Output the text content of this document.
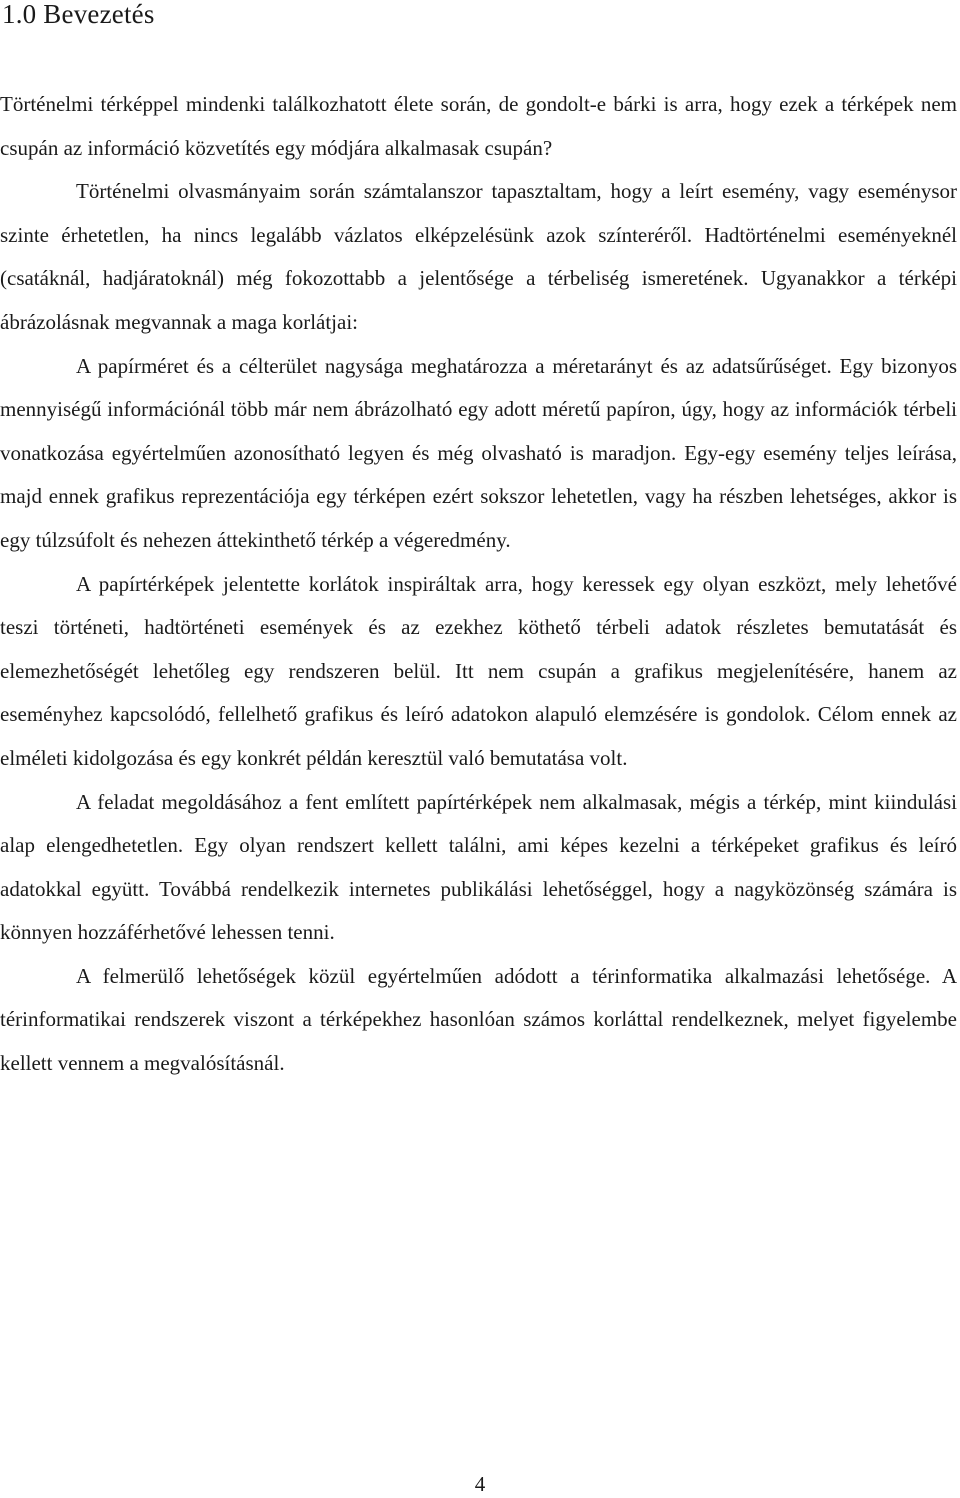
1.0 Bevezetés

Történelmi térképpel mindenki találkozhatott élete során, de gondolt-e bárki is arra, hogy ezek a térképek nem csupán az információ közvetítés egy módjára alkalmasak csupán?

Történelmi olvasmányaim során számtalanszor tapasztaltam, hogy a leírt esemény, vagy eseménysor szinte érhetetlen, ha nincs legalább vázlatos elképzelésünk azok színteréről. Hadtörténelmi eseményeknél (csatáknál, hadjáratoknál) még fokozottabb a jelentősége a térbeliség ismeretének. Ugyanakkor a térképi ábrázolásnak megvannak a maga korlátjai:

A papírméret és a célterület nagysága meghatározza a méretarányt és az adatsűrűséget. Egy bizonyos mennyiségű információnál több már nem ábrázolható egy adott méretű papíron, úgy, hogy az információk térbeli vonatkozása egyértelműen azonosítható legyen és még olvasható is maradjon. Egy-egy esemény teljes leírása, majd ennek grafikus reprezentációja egy térképen ezért sokszor lehetetlen, vagy ha részben lehetséges, akkor is egy túlzsúfolt és nehezen áttekinthető térkép a végeredmény.

A papírtérképek jelentette korlátok inspiráltak arra, hogy keressek egy olyan eszközt, mely lehetővé teszi történeti, hadtörténeti események és az ezekhez köthető térbeli adatok részletes bemutatását és elemezhetőségét lehetőleg egy rendszeren belül. Itt nem csupán a grafikus megjelenítésére, hanem az eseményhez kapcsolódó, fellelhető grafikus és leíró adatokon alapuló elemzésére is gondolok. Célom ennek az elméleti kidolgozása és egy konkrét példán keresztül való bemutatása volt.

A feladat megoldásához a fent említett papírtérképek nem alkalmasak, mégis a térkép, mint kiindulási alap elengedhetetlen. Egy olyan rendszert kellett találni, ami képes kezelni a térképeket grafikus és leíró adatokkal együtt. Továbbá rendelkezik internetes publikálási lehetőséggel, hogy a nagyközönség számára is könnyen hozzáférhetővé lehessen tenni.

A felmerülő lehetőségek közül egyértelműen adódott a térinformatika alkalmazási lehetősége. A térinformatikai rendszerek viszont a térképekhez hasonlóan számos korláttal rendelkeznek, melyet figyelembe kellett vennem a megvalósításnál.

4
